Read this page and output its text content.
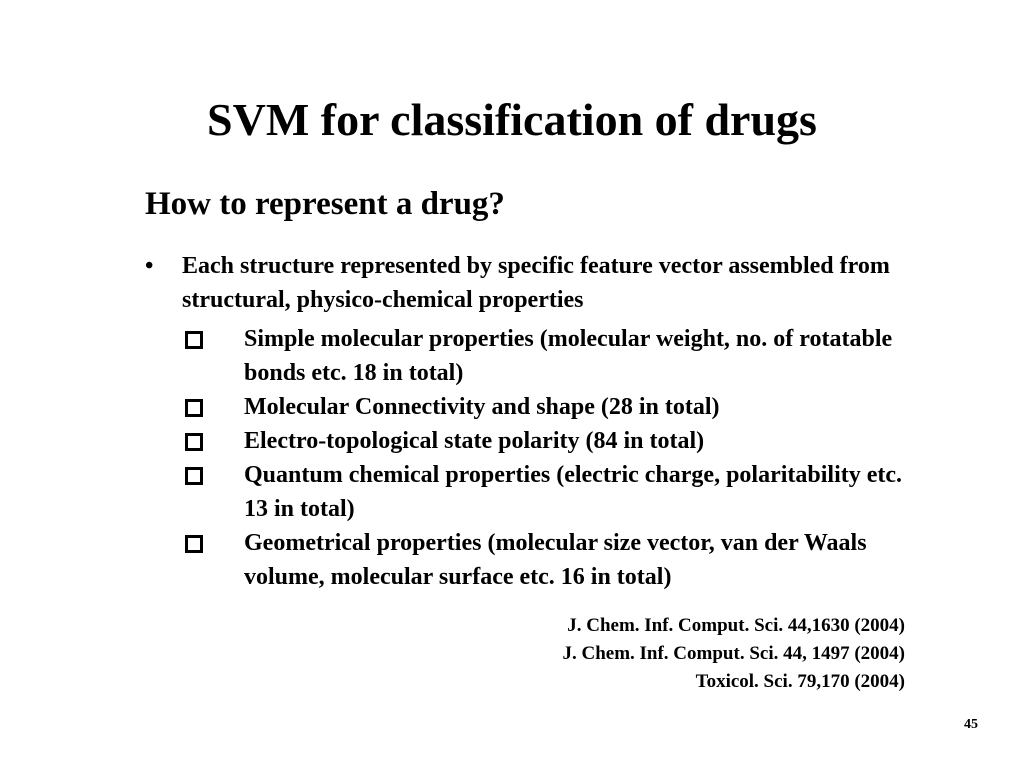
SVM for classification of drugs
How to represent a drug?
• Each structure represented by specific feature vector assembled from structural, physico-chemical properties
Simple molecular properties (molecular weight, no. of rotatable bonds etc. 18 in total)
Molecular Connectivity and shape (28 in total)
Electro-topological state polarity (84 in total)
Quantum chemical properties (electric charge, polaritability etc. 13 in total)
Geometrical properties (molecular size vector, van der Waals volume, molecular surface etc. 16 in total)
J. Chem. Inf. Comput. Sci. 44,1630 (2004)
J. Chem. Inf. Comput. Sci. 44, 1497 (2004)
Toxicol. Sci. 79,170 (2004)
45
